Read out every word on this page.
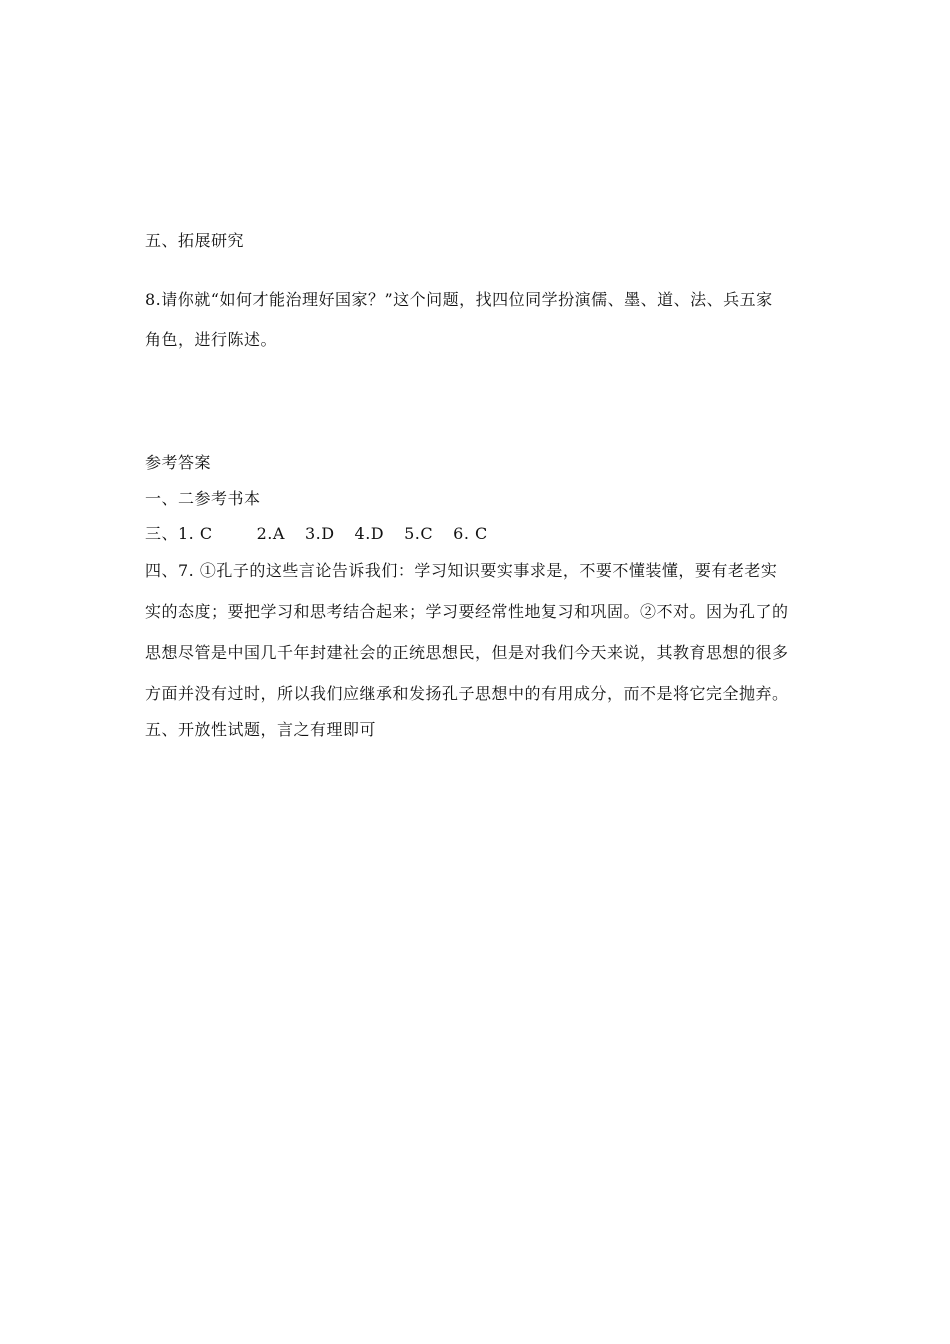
五、拓展研究
8.请你就“如何才能治理好国家？”这个问题，找四位同学扮演儒、墨、道、法、兵五家
角色，进行陈述。
参考答案
一、二参考书本
三、1. C	2.A 3.D 4.D 5.C 6. C
四、7. ①孔子的这些言论告诉我们：学习知识要实事求是，不要不懂装懂，要有老老实
实的态度；要把学习和思考结合起来；学习要经常性地复习和巩固。②不对。因为孔了的
思想尽管是中国几千年封建社会的正统思想民，但是对我们今天来说，其教育思想的很多
方面并没有过时，所以我们应继承和发扬孔子思想中的有用成分，而不是将它完全抛弃。
五、开放性试题，言之有理即可
